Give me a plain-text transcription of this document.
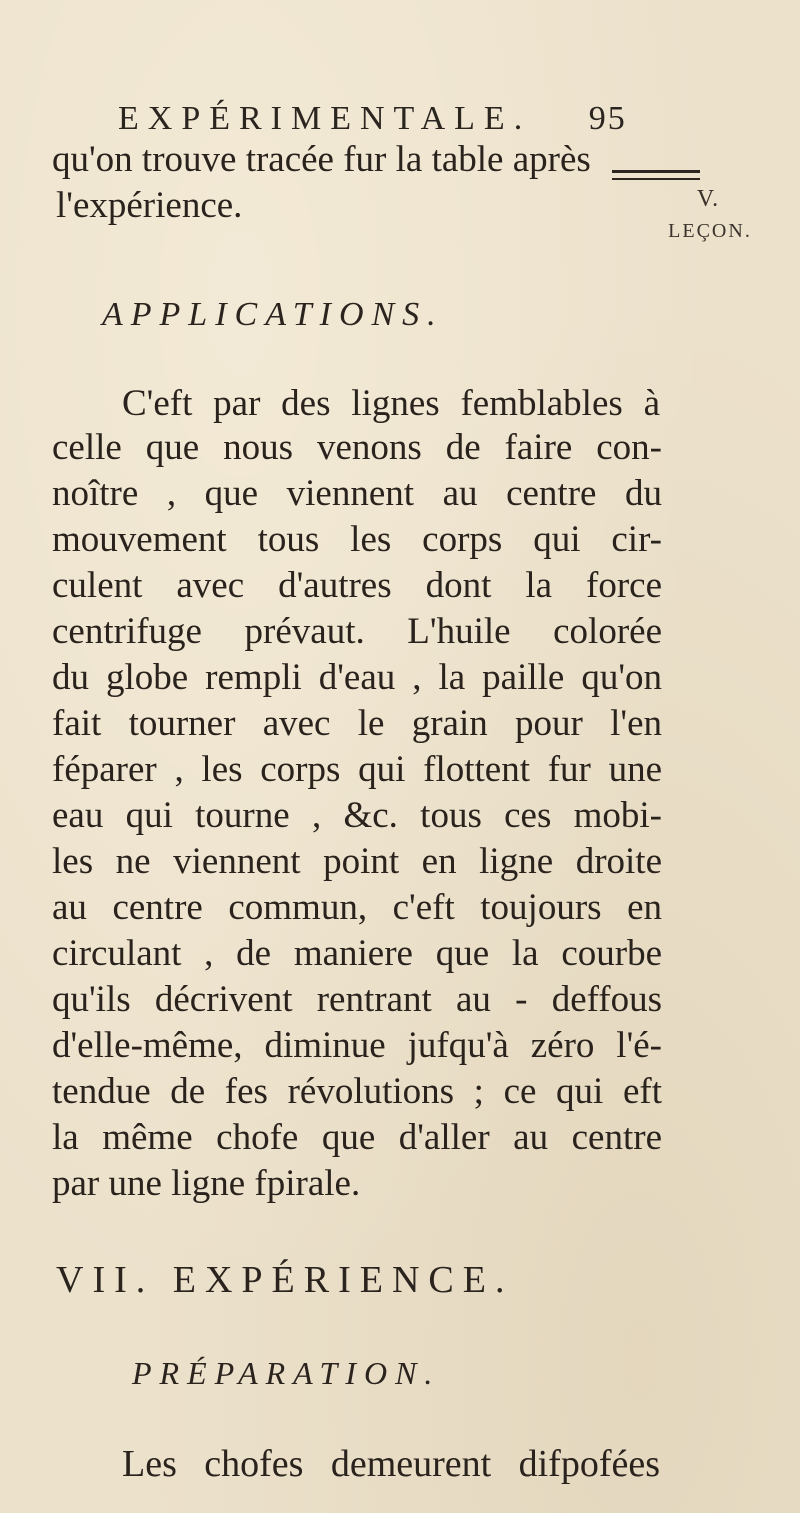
EXPÉRIMENTALE. 95
qu'on trouve tracée fur la table après
l'expérience.	V.
LEÇON.
APPLICATIONS.
C'eft par des lignes femblables à
celle que nous venons de faire con-
noître , que viennent au centre du
mouvement tous les corps qui cir-
culent avec d'autres dont la force
centrifuge prévaut. L'huile colorée
du globe rempli d'eau , la paille qu'on
fait tourner avec le grain pour l'en
féparer , les corps qui flottent fur une
eau qui tourne , &c. tous ces mobi-
les ne viennent point en ligne droite
au centre commun, c'eft toujours en
circulant , de maniere que la courbe
qu'ils décrivent rentrant au - deffous
d'elle-même, diminue jufqu'à zéro l'é-
tendue de fes révolutions ; ce qui eft
la même chofe que d'aller au centre
par une ligne fpirale.
VII. EXPÉRIENCE.
PRÉPARATION.
Les chofes demeurent difpofées
